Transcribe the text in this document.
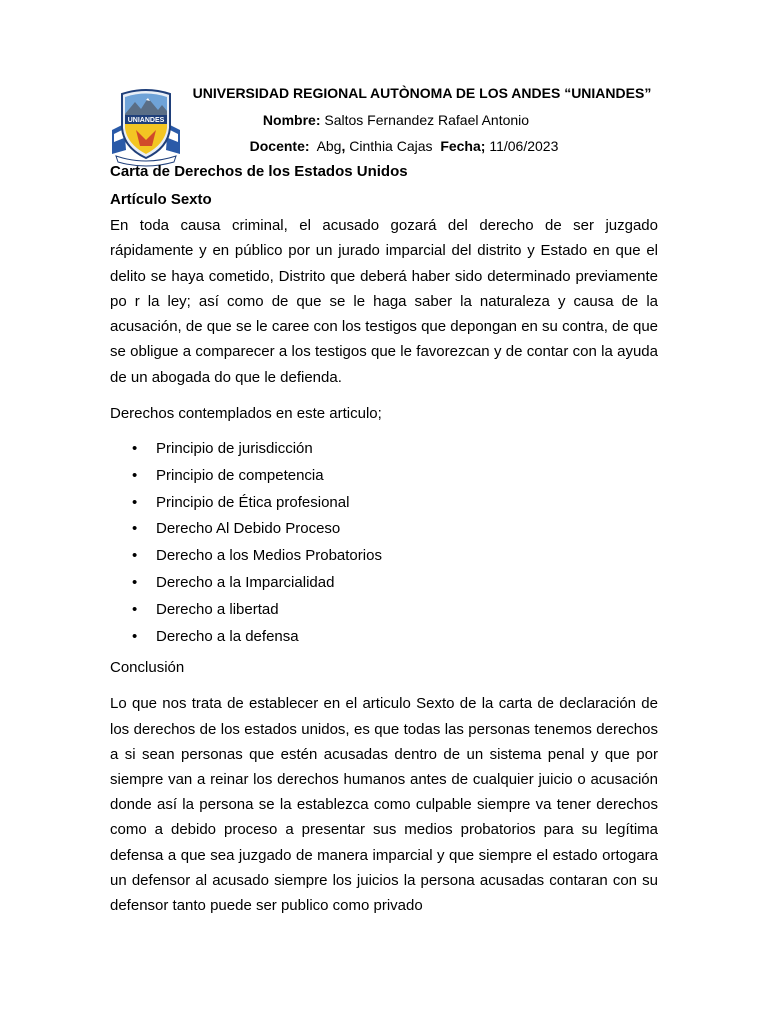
UNIANDES
UNIVERSIDAD REGIONAL AUTÒNOMA DE LOS ANDES “UNIANDES”
Nombre: Saltos Fernandez Rafael Antonio
Docente: Abg, Cinthia Cajas Fecha; 11/06/2023
Carta de Derechos de los Estados Unidos
Artículo Sexto

En toda causa criminal, el acusado gozará del derecho de ser juzgado rápidamente y en público por un jurado imparcial del distrito y Estado en que el delito se haya cometido, Distrito que deberá haber sido determinado previamente po r la ley; así como de que se le haga saber la naturaleza y causa de la acusación, de que se le caree con los testigos que depongan en su contra, de que se obligue a comparecer a los testigos que le favorezcan y de contar con la ayuda de un abogada do que le defienda.

Derechos contemplados en este articulo;
• Principio de jurisdicción
• Principio de competencia
• Principio de Ética profesional
• Derecho Al Debido Proceso
• Derecho a los Medios Probatorios
• Derecho a la Imparcialidad
• Derecho a libertad
• Derecho a la defensa
Conclusión

Lo que nos trata de establecer en el articulo Sexto de la carta de declaración de los derechos de los estados unidos, es que todas las personas tenemos derechos a si sean personas que estén acusadas dentro de un sistema penal y que por siempre van a reinar los derechos humanos antes de cualquier juicio o acusación donde así la persona se la establezca como culpable siempre va tener derechos como a debido proceso a presentar sus medios probatorios para su legítima defensa a que sea juzgado de manera imparcial y que siempre el estado ortogara un defensor al acusado siempre los juicios la persona acusadas contaran con su defensor tanto puede ser publico como privado
